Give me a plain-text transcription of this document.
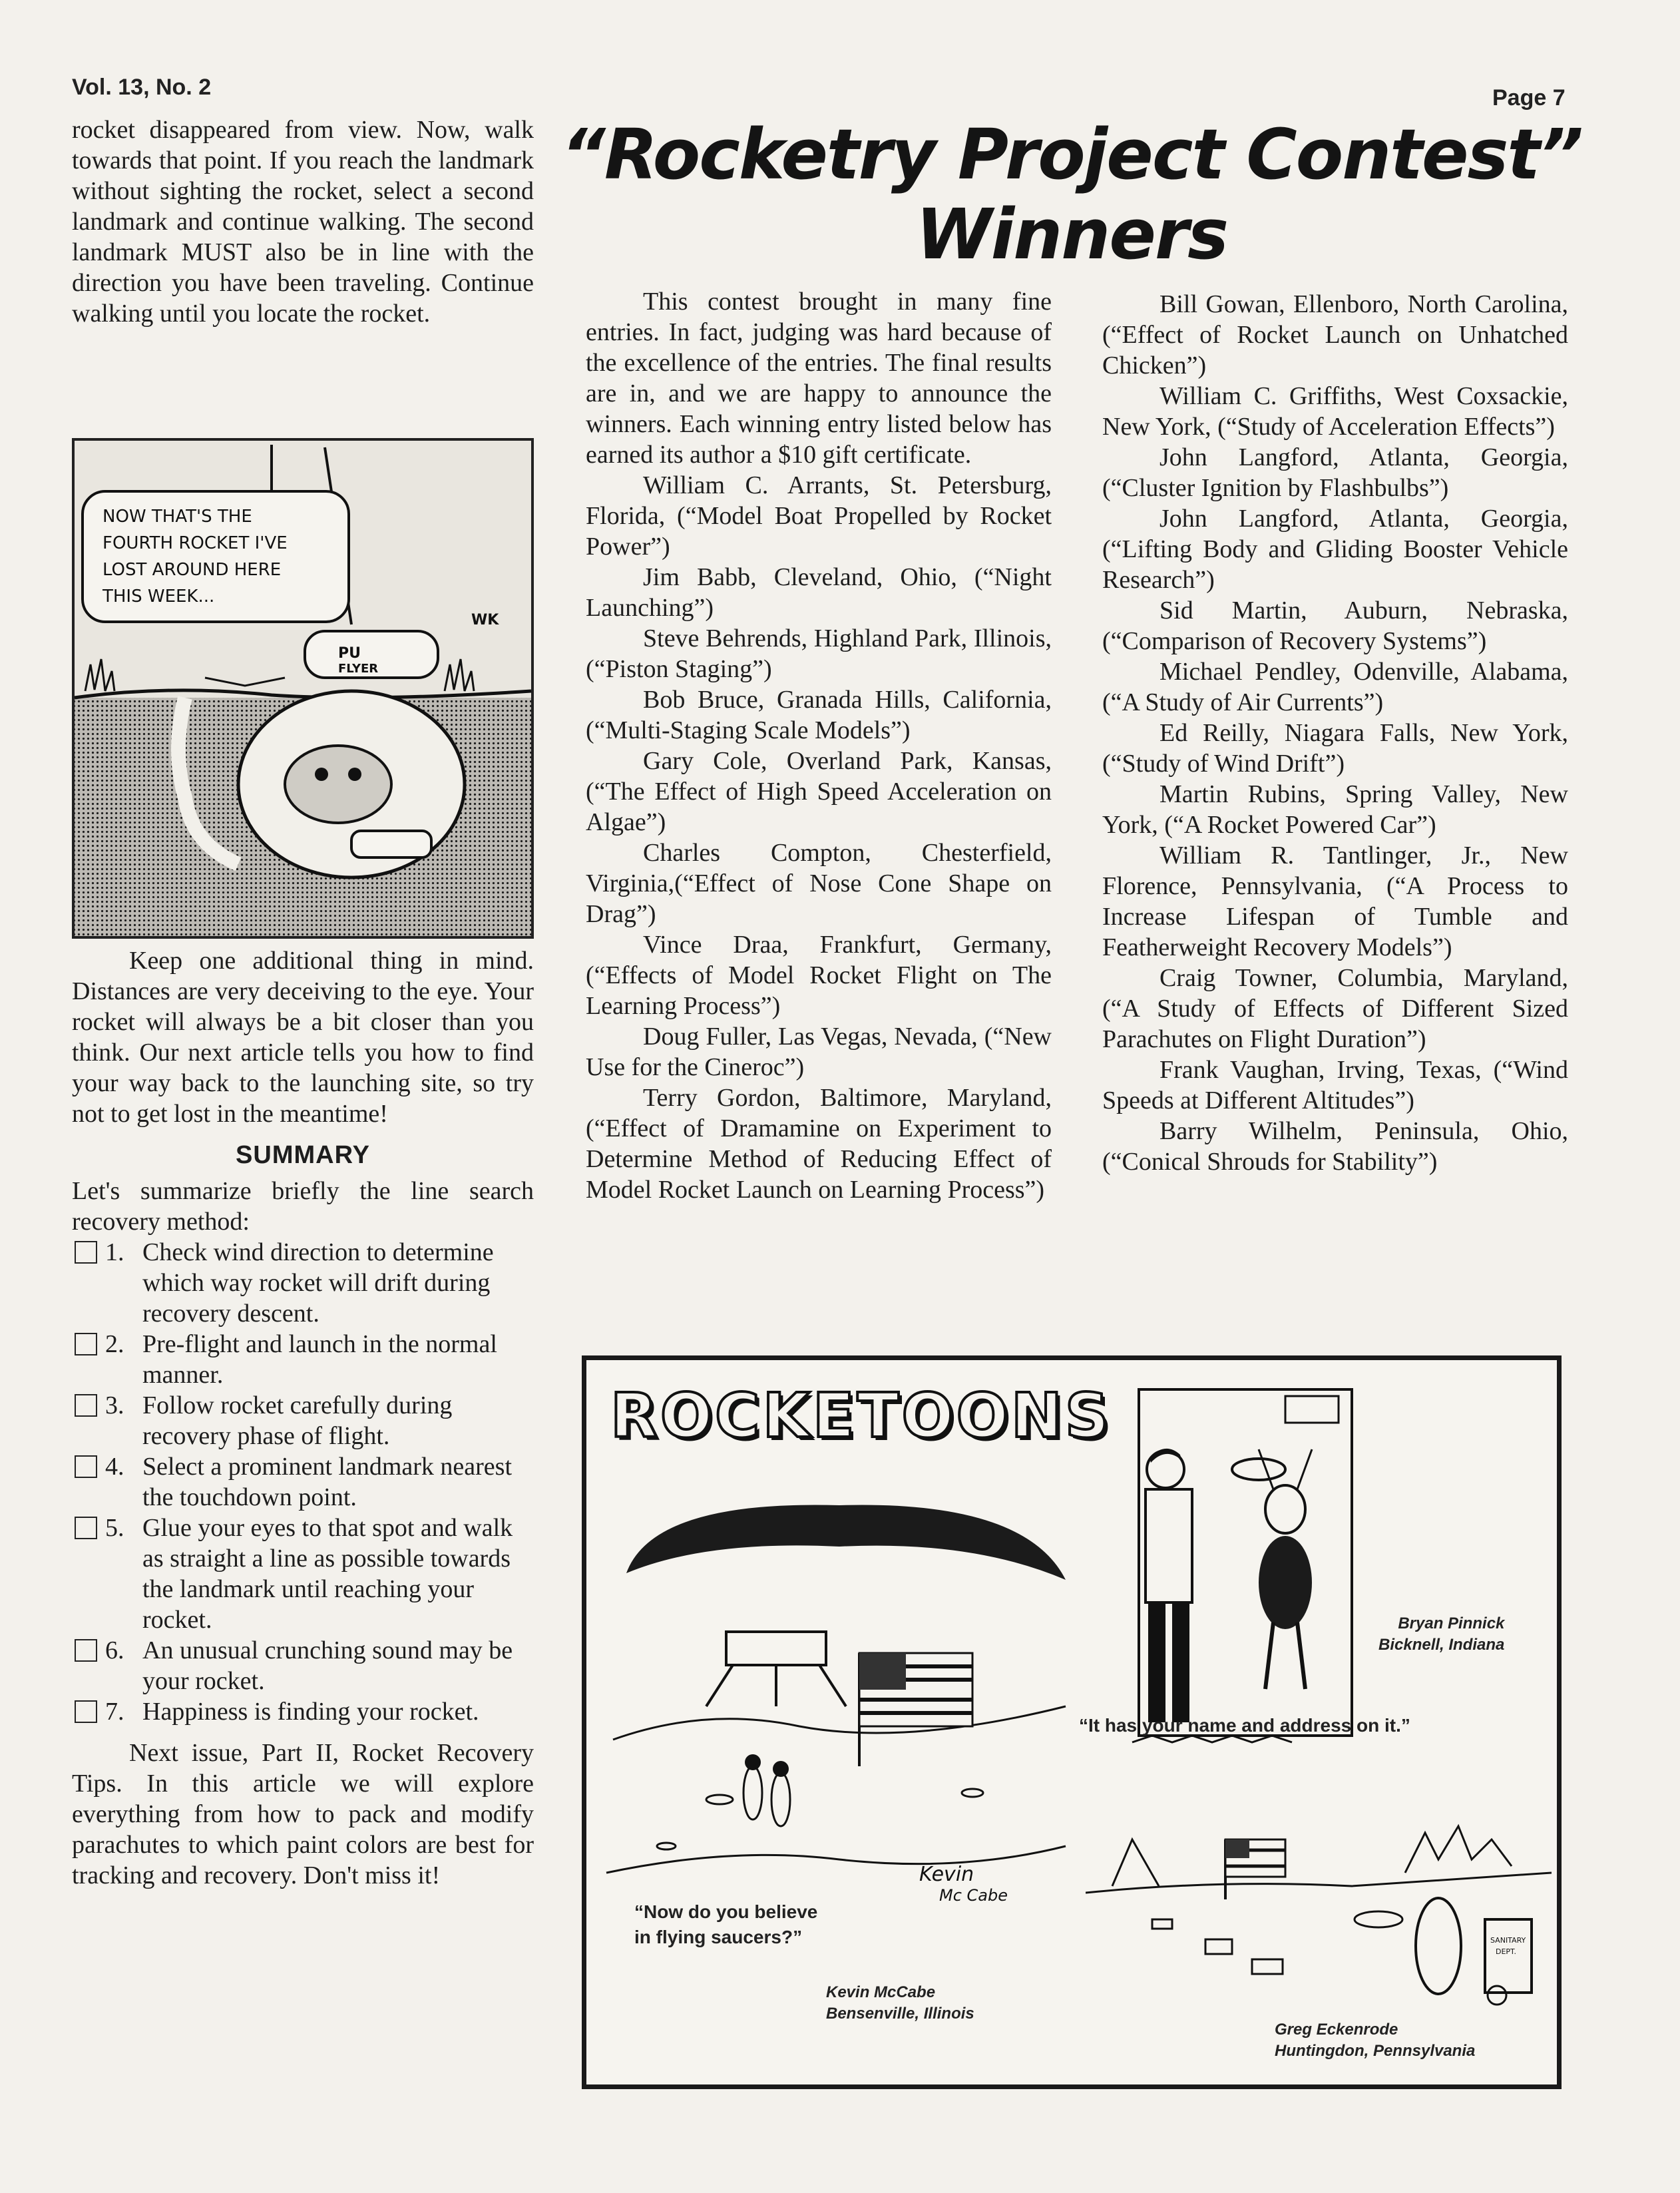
Vol. 13, No. 2	Page 7

rocket disappeared from view. Now, walk towards that point. If you reach the landmark without sighting the rocket, select a second landmark and continue walking. The second landmark MUST also be in line with the direction you have been traveling. Continue walking until you locate the rocket.

PU
FLYER
WK
NOW THAT'S THE
FOURTH ROCKET I'VE
LOST AROUND HERE
THIS WEEK...

Keep one additional thing in mind. Distances are very deceiving to the eye. Your rocket will always be a bit closer than you think. Our next article tells you how to find your way back to the launching site, so try not to get lost in the meantime!

SUMMARY

Let's summarize briefly the line search recovery method:

1. Check wind direction to determine which way rocket will drift during recovery descent.
2. Pre-flight and launch in the normal manner.
3. Follow rocket carefully during recovery phase of flight.
4. Select a prominent landmark nearest the touchdown point.
5. Glue your eyes to that spot and walk as straight a line as possible towards the landmark until reaching your rocket.
6. An unusual crunching sound may be your rocket.
7. Happiness is finding your rocket.

Next issue, Part II, Rocket Recovery Tips. In this article we will explore everything from how to pack and modify parachutes to which paint colors are best for tracking and recovery. Don't miss it!

“Rocketry Project Contest”
Winners

This contest brought in many fine entries. In fact, judging was hard because of the excellence of the entries. The final results are in, and we are happy to announce the winners. Each winning entry listed below has earned its author a $10 gift certificate.

William C. Arrants, St. Petersburg, Florida, (“Model Boat Propelled by Rocket Power”)

Jim Babb, Cleveland, Ohio, (“Night Launching”)

Steve Behrends, Highland Park, Illinois, (“Piston Staging”)

Bob Bruce, Granada Hills, California,(“Multi-Staging Scale Models”)

Gary Cole, Overland Park, Kansas, (“The Effect of High Speed Acceleration on Algae”)

Charles Compton, Chesterfield, Virginia,(“Effect of Nose Cone Shape on Drag”)

Vince Draa, Frankfurt, Germany, (“Effects of Model Rocket Flight on The Learning Process”)

Doug Fuller, Las Vegas, Nevada, (“New Use for the Cineroc”)

Terry Gordon, Baltimore, Maryland, (“Effect of Dramamine on Experiment to Determine Method of Reducing Effect of Model Rocket Launch on Learning Process”)

Bill Gowan, Ellenboro, North Carolina, (“Effect of Rocket Launch on Unhatched Chicken”)

William C. Griffiths, West Coxsackie, New York, (“Study of Acceleration Effects”)

John Langford, Atlanta, Georgia, (“Cluster Ignition by Flashbulbs”)

John Langford, Atlanta, Georgia, (“Lifting Body and Gliding Booster Vehicle Research”)

Sid Martin, Auburn, Nebraska, (“Comparison of Recovery Systems”)

Michael Pendley, Odenville, Alabama, (“A Study of Air Currents”)

Ed Reilly, Niagara Falls, New York, (“Study of Wind Drift”)

Martin Rubins, Spring Valley, New York, (“A Rocket Powered Car”)

William R. Tantlinger, Jr., New Florence, Pennsylvania, (“A Process to Increase Lifespan of Tumble and Featherweight Recovery Models”)

Craig Towner, Columbia, Maryland, (“A Study of Effects of Different Sized Parachutes on Flight Duration”)

Frank Vaughan, Irving, Texas, (“Wind Speeds at Different Altitudes”)

Barry Wilhelm, Peninsula, Ohio, (“Conical Shrouds for Stability”)

ROCKETOONS
Kevin
Mc Cabe
“Now do you believe
in flying saucers?”
Kevin McCabe
Bensenville, Illinois
Bryan Pinnick
Bicknell, Indiana
“It has your name and address on it.”
SANITARY
DEPT.
Greg Eckenrode
Huntingdon, Pennsylvania
